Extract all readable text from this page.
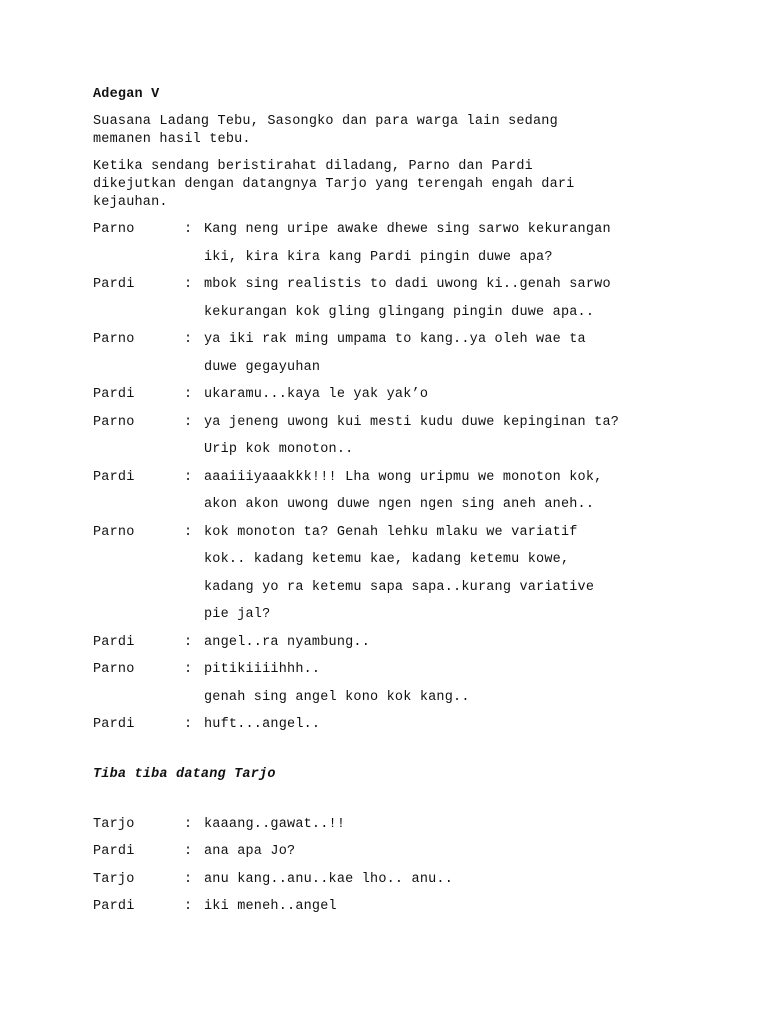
Adegan V
Suasana Ladang Tebu, Sasongko dan para warga lain sedang
memanen hasil tebu.
Ketika sendang beristirahat diladang, Parno dan Pardi
dikejutkan dengan datangnya Tarjo yang terengah engah dari
kejauhan.
Parno	: Kang neng uripe awake dhewe sing sarwo kekurangan
iki, kira kira kang Pardi pingin duwe apa?
Pardi	: mbok sing realistis to dadi uwong ki..genah sarwo
kekurangan kok gling glingang pingin duwe apa..
Parno	: ya iki rak ming umpama to kang..ya oleh wae ta
duwe gegayuhan
Pardi	: ukaramu...kaya le yak yak’o
Parno	: ya jeneng uwong kui mesti kudu duwe kepinginan ta?
Urip kok monoton..
Pardi	: aaaiiiyaaakkk!!! Lha wong uripmu we monoton kok,
akon akon uwong duwe ngen ngen sing aneh aneh..
Parno	: kok monoton ta? Genah lehku mlaku we variatif
kok.. kadang ketemu kae, kadang ketemu kowe,
kadang yo ra ketemu sapa sapa..kurang variative
pie jal?
Pardi	: angel..ra nyambung..
Parno	: pitikiiiihhh..
genah sing angel kono kok kang..
Pardi	: huft...angel..
Tiba tiba datang Tarjo
Tarjo	: kaaang..gawat..!!
Pardi	: ana apa Jo?
Tarjo	: anu kang..anu..kae lho.. anu..
Pardi	: iki meneh..angel
